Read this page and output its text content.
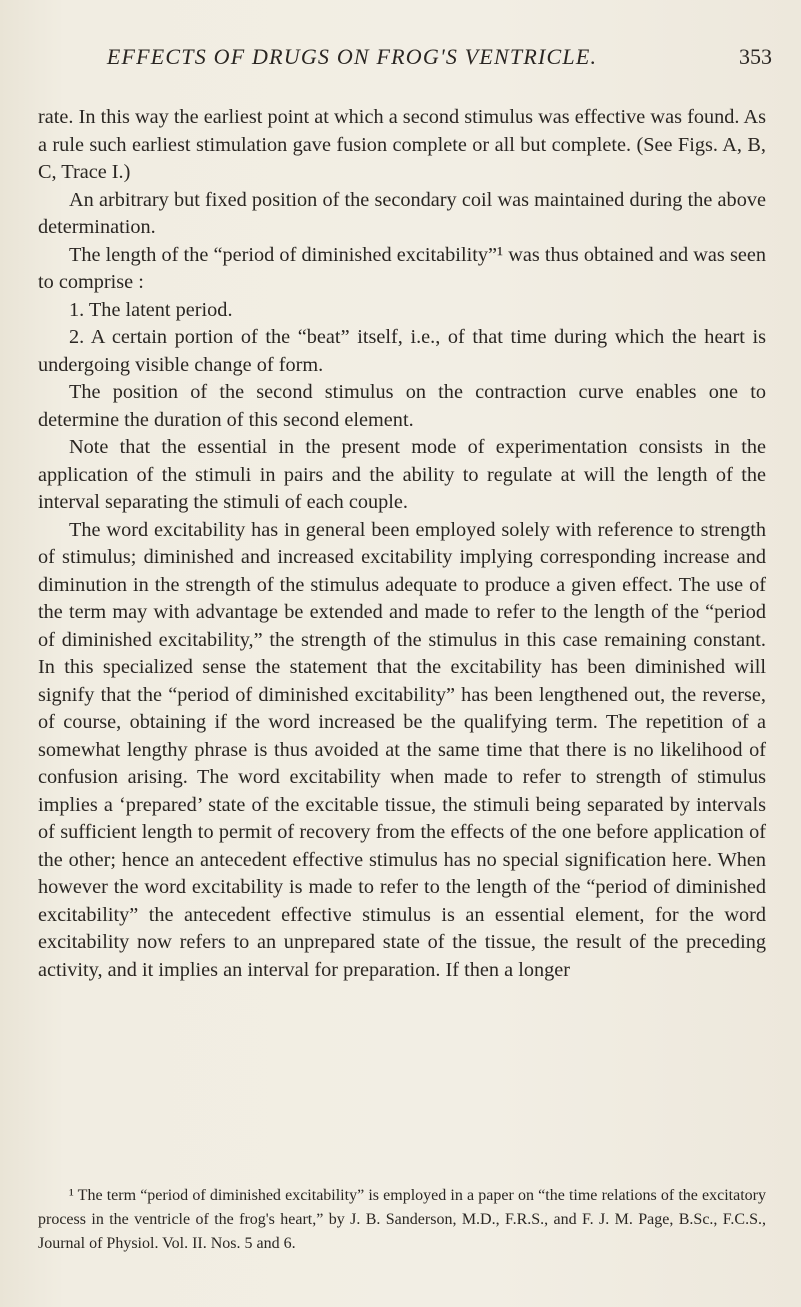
EFFECTS OF DRUGS ON FROG'S VENTRICLE.	353

rate. In this way the earliest point at which a second stimulus was effective was found. As a rule such earliest stimulation gave fusion complete or all but complete. (See Figs. A, B, C, Trace I.)

An arbitrary but fixed position of the secondary coil was maintained during the above determination.

The length of the “period of diminished excitability”¹ was thus obtained and was seen to comprise :

1. The latent period.

2. A certain portion of the “beat” itself, i.e., of that time during which the heart is undergoing visible change of form.

The position of the second stimulus on the contraction curve enables one to determine the duration of this second element.

Note that the essential in the present mode of experimentation consists in the application of the stimuli in pairs and the ability to regulate at will the length of the interval separating the stimuli of each couple.

The word excitability has in general been employed solely with reference to strength of stimulus; diminished and increased excitability implying corresponding increase and diminution in the strength of the stimulus adequate to produce a given effect. The use of the term may with advantage be extended and made to refer to the length of the “period of diminished excitability,” the strength of the stimulus in this case remaining constant. In this specialized sense the statement that the excitability has been diminished will signify that the “period of diminished excitability” has been lengthened out, the reverse, of course, obtaining if the word increased be the qualifying term. The repetition of a somewhat lengthy phrase is thus avoided at the same time that there is no likelihood of confusion arising. The word excitability when made to refer to strength of stimulus implies a ‘prepared’ state of the excitable tissue, the stimuli being separated by intervals of sufficient length to permit of recovery from the effects of the one before application of the other; hence an antecedent effective stimulus has no special signification here. When however the word excitability is made to refer to the length of the “period of diminished excitability” the antecedent effective stimulus is an essential element, for the word excitability now refers to an unprepared state of the tissue, the result of the preceding activity, and it implies an interval for preparation. If then a longer

¹ The term “period of diminished excitability” is employed in a paper on “the time relations of the excitatory process in the ventricle of the frog's heart,” by J. B. Sanderson, M.D., F.R.S., and F. J. M. Page, B.Sc., F.C.S., Journal of Physiol. Vol. II. Nos. 5 and 6.
